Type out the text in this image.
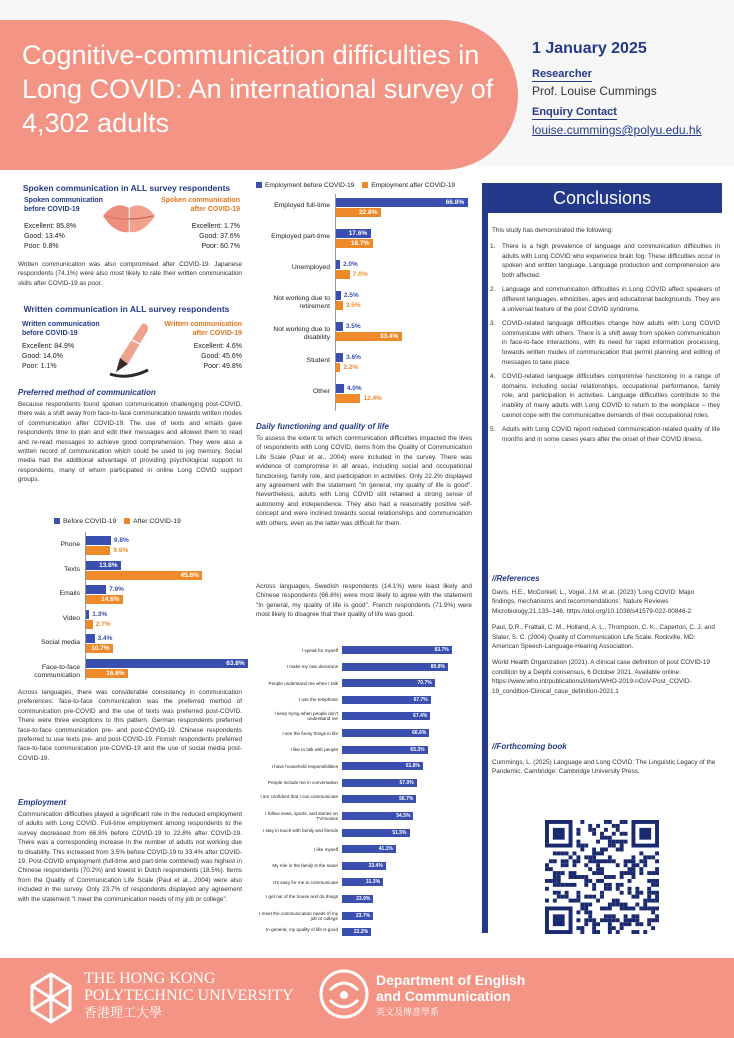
Cognitive-communication difficulties in Long COVID: An international survey of 4,302 adults
1 January 2025
Researcher
Prof. Louise Cummings
Enquiry Contact
louise.cummings@polyu.edu.hk
Spoken communication in ALL survey respondents
Spoken communication before COVID-19
Spoken communication after COVID-19
Excellent: 85.8%
Good: 13.4%
Poor: 0.8%
Excellent: 1.7%
Good: 37.6%
Poor: 60.7%
Written communication was also compromised after COVID-19. Japanese respondents (74.1%) were also most likely to rate their written communication skills after COVID-19 as poor.
Written communication in ALL survey respondents
Written communication before COVID-19
Written communication after COVID-19
Excellent: 84.9%
Good: 14.0%
Poor: 1.1%
Excellent: 4.6%
Good: 45.6%
Poor: 49.8%
Preferred method of communication
Because respondents found spoken communication challenging post-COVID, there was a shift away from face-to-face communication towards written modes of communication after COVID-19. The use of texts and emails gave respondents time to plan and edit their messages and allowed them to read and re-read messages to achieve good comprehension. They were also a written record of communication which could be used to jog memory. Social media had the additional advantage of providing psychological support to respondents, many of whom participated in online Long COVID support groups.
Before COVID-19 After COVID-19
Phone
9.8%
9.6%
Texts
13.8%
45.8%
Emails
7.9%
14.6%
Video
1.3%
2.7%
Social media
3.4%
10.7%
Face-to-face communication
63.8%
16.6%
Across languages, there was considerable consistency in communication preferences: face-to-face communication was the preferred method of communication pre-COVID and the use of texts was preferred post-COVID. There were three exceptions to this pattern. German respondents preferred face-to-face communication pre- and post-COVID-19. Chinese respondents preferred to use texts pre- and post-COVID-19. Finnish respondents preferred face-to-face communication pre-COVID-19 and the use of social media post-COVID-19.
Employment
Communication difficulties played a significant role in the reduced employment of adults with Long COVID. Full-time employment among respondents to the survey decreased from 66.8% before COVID-19 to 22.8% after COVID-19. There was a corresponding increase in the number of adults not working due to disability. This increased from 3.5% before COVID-19 to 33.4% after COVID-19. Post-COVID employment (full-time and part-time combined) was highest in Chinese respondents (70.2%) and lowest in Dutch respondents (18.5%). Items from the Quality of Communication Life Scale (Paul et al., 2004) were also included in the survey. Only 23.7% of respondents displayed any agreement with the statement "I meet the communication needs of my job or college".
Employment before COVID-19	Employment after COVID-19
Employed full-time	66.8%
22.8%
Employed part-time	17.6%
18.7%
Unemployed 2.0%
7.0%
Not working due to retirement
2.5%
3.5%
Not working due to disability
3.5%
33.4%
Student 3.6%
2.2%
Other	4.0%
12.4%
Daily functioning and quality of life
To assess the extent to which communication difficulties impacted the lives of respondents with Long COVID, items from the Quality of Communication Life Scale (Paul et al., 2004) were included in the survey. There was evidence of compromise in all areas, including social and occupational functioning, family role, and participation in activities. Only 22.2% displayed any agreement with the statement "In general, my quality of life is good". Nevertheless, adults with Long COVID still retained a strong sense of autonomy and independence. They also had a reasonably positive self-concept and were inclined towards social relationships and communication with others, even as the latter was difficult for them.
Across languages, Swedish respondents (14.1%) were least likely and Chinese respondents (66.6%) were most likely to agree with the statement "In general, my quality of life is good". French respondents (71.9%) were most likely to disagree that their quality of life was good.
I speak for myself	83.7%
I make my own decisions	80.8%
People understand me when I talk	70.7%
I use the telephone	67.7%
I keep trying when people don't understand me	67.4%
I see the funny things in life	66.6%
I like to talk with people	65.3%
I have household responsibilities	61.8%
People include me in conversation	57.0%
I am confident that I can communicate	56.7%
I follow news, sports, and stories on TV/movies	54.5%
I stay in touch with family and friends	51.5%
I like myself	41.1%
My role in the family is the same	33.4%
It's easy for me to communicate	31.3%
I get out of the house and do things	23.9%
I meet the communication needs of my job or college	23.7%
In general, my quality of life is good	22.2%
Conclusions
This study has demonstrated the following:
1. There is a high prevalence of language and communication difficulties in adults with Long COVID who experience brain fog. These difficulties occur in spoken and written language. Language production and comprehension are both affected.
2. Language and communication difficulties in Long COVID affect speakers of different languages, ethnicities, ages and educational backgrounds. They are a universal feature of the post COVID syndrome.
3. COVID-related language difficulties change how adults with Long COVID communicate with others. There is a shift away from spoken communication in face-to-face interactions, with its need for rapid information processing, towards written modes of communication that permit planning and editing of messages to take place.
4. COVID-related language difficulties compromise functioning in a range of domains, including social relationships, occupational performance, family role, and participation in activities. Language difficulties contribute to the inability of many adults with Long COVID to return to the workplace – they cannot cope with the communicative demands of their occupational roles.
5. Adults with Long COVID report reduced communication-related quality of life months and in some cases years after the onset of their COVID illness.
//References
Davis, H.E., McCorkell, L., Vogel, J.M. et al. (2023) 'Long COVID: Major findings, mechanisms and recommendations', Nature Reviews Microbiology,21,133–146, https://doi.org/10.1038/s41579-022-00846-2
Paul, D.R., Frattali, C. M., Holland, A. L., Thompson, C. K., Caperton, C. J. and Slater, S. C. (2004) Quality of Communication Life Scale. Rockville, MD: American Speech-Language-Hearing Association.
World Health Organization (2021). A clinical case definition of post COVID-19 condition by a Delphi consensus, 6 October 2021. Available online: https://www.who.int/publications/i/item/WHO-2019-nCoV-Post_COVID-19_condition-Clinical_case_definition-2021.1
//Forthcoming book
Cummings, L. (2025) Language and Long COVID: The Linguistic Legacy of the Pandemic. Cambridge: Cambridge University Press.
THE HONG KONG
POLYTECHNIC UNIVERSITY
香港理工大學
Department of English
and Communication
英文及傳意學系
